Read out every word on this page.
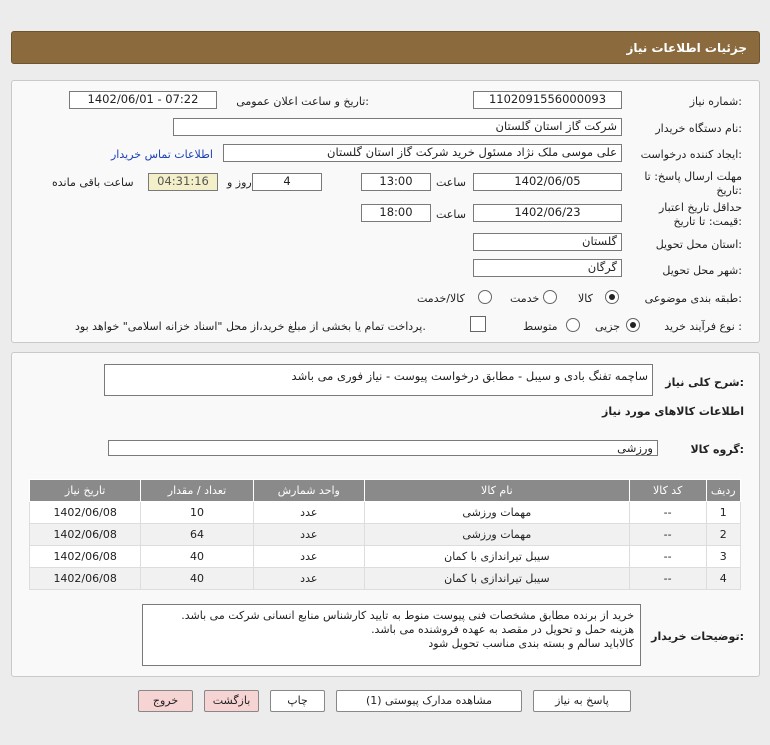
جزئیات اطلاعات نیاز
شماره نیاز:
1102091556000093
تاریخ و ساعت اعلان عمومی:
1402/06/01 - 07:22
نام دستگاه خریدار:
شرکت گاز استان گلستان
ایجاد کننده درخواست:
علی موسی ملک نژاد مسئول خرید شرکت گاز استان گلستان
اطلاعات تماس خریدار
مهلت ارسال پاسخ: تا
تاریخ:
1402/06/05
ساعت
13:00
4
روز و
04:31:16
ساعت باقی مانده
حداقل تاریخ اعتبار
قیمت: تا تاریخ:
1402/06/23
ساعت
18:00
استان محل تحویل:
گلستان
شهر محل تحویل:
گرگان
طبقه بندی موضوعی:
کالا
خدمت
کالا/خدمت
نوع فرآیند خرید :
جزیی
متوسط
پرداخت تمام یا بخشی از مبلغ خرید،از محل "اسناد خزانه اسلامی" خواهد بود.
شرح کلی نیاز:
ساچمه تفنگ بادی و سیبل - مطابق درخواست پیوست - نیاز فوری می باشد
اطلاعات کالاهای مورد نیاز
گروه کالا:
ورزشی
ردیف	کد کالا	نام کالا	واحد شمارش	تعداد / مقدار	تاریخ نیاز
1	--	مهمات ورزشی	عدد	10	1402/06/08
2	--	مهمات ورزشی	عدد	64	1402/06/08
3	--	سیبل تیراندازی با کمان	عدد	40	1402/06/08
4	--	سیبل تیراندازی با کمان	عدد	40	1402/06/08
توضیحات خریدار:
خرید از برنده مطابق مشخصات فنی پیوست منوط به تایید کارشناس منابع انسانی شرکت می باشد.
هزینه حمل و تحویل در مقصد به عهده فروشنده می باشد.
کالاباید سالم و بسته بندی مناسب تحویل شود
پاسخ به نیاز
مشاهده مدارک پیوستی (1)
چاپ
بازگشت
خروج
